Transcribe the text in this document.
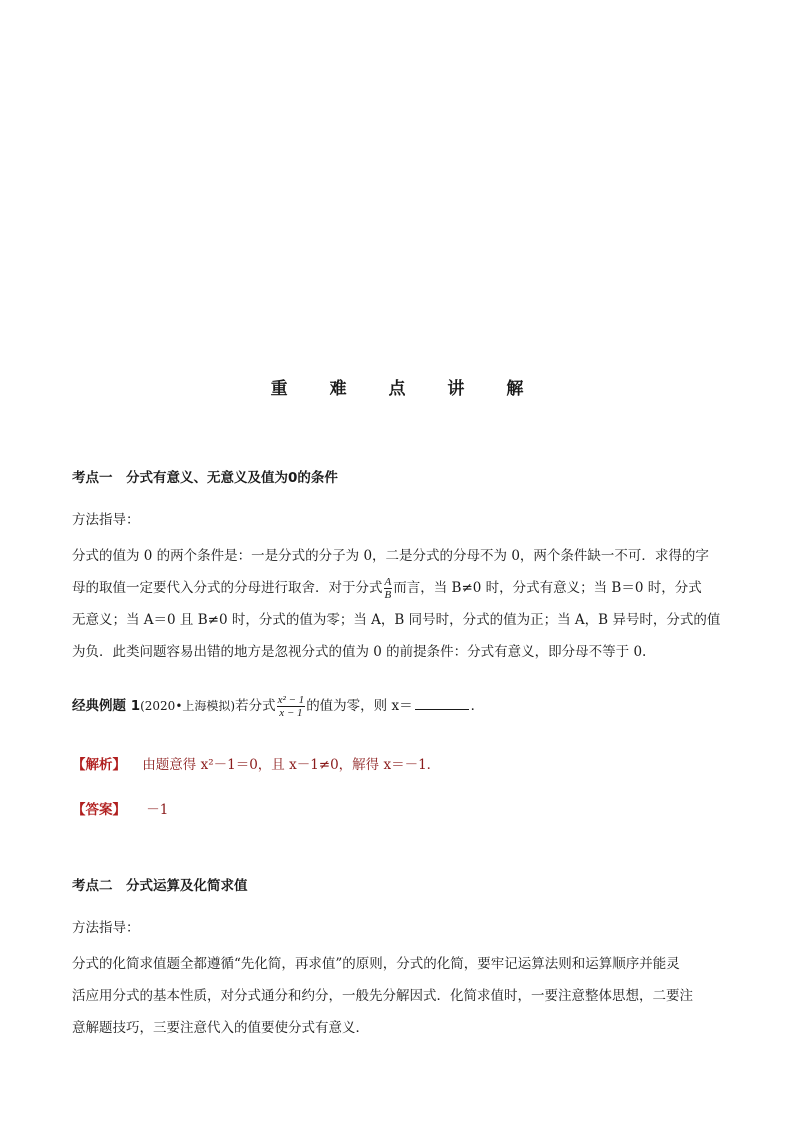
重 难 点 讲 解
考点一　分式有意义、无意义及值为0的条件
方法指导：

分式的值为 0 的两个条件是：一是分式的分子为 0，二是分式的分母不为 0，两个条件缺一不可．求得的字

母的取值一定要代入分式的分母进行取舍．对于分式 $\frac{A}{B}$ 而言，当 B≠0 时，分式有意义；当 B＝0 时，分式

无意义；当 A＝0 且 B≠0 时，分式的值为零；当 A，B 同号时，分式的值为正；当 A，B 异号时，分式的值

为负．此类问题容易出错的地方是忽视分式的值为 0 的前提条件：分式有意义，即分母不等于 0.

经典例题 1(2020•上海模拟)若分式 $\frac{\text{x² − 1}}{x - 1}$ 的值为零，则 x＝	．
【解析】 由题意得 x²－1＝0，且 x－1≠0，解得 x＝－1．
【答案】 －1
考点二　分式运算及化简求值
方法指导：

分式的化简求值题全都遵循“先化简，再求值”的原则，分式的化简，要牢记运算法则和运算顺序并能灵

活应用分式的基本性质，对分式通分和约分，一般先分解因式．化简求值时，一要注意整体思想，二要注

意解题技巧，三要注意代入的值要使分式有意义．
